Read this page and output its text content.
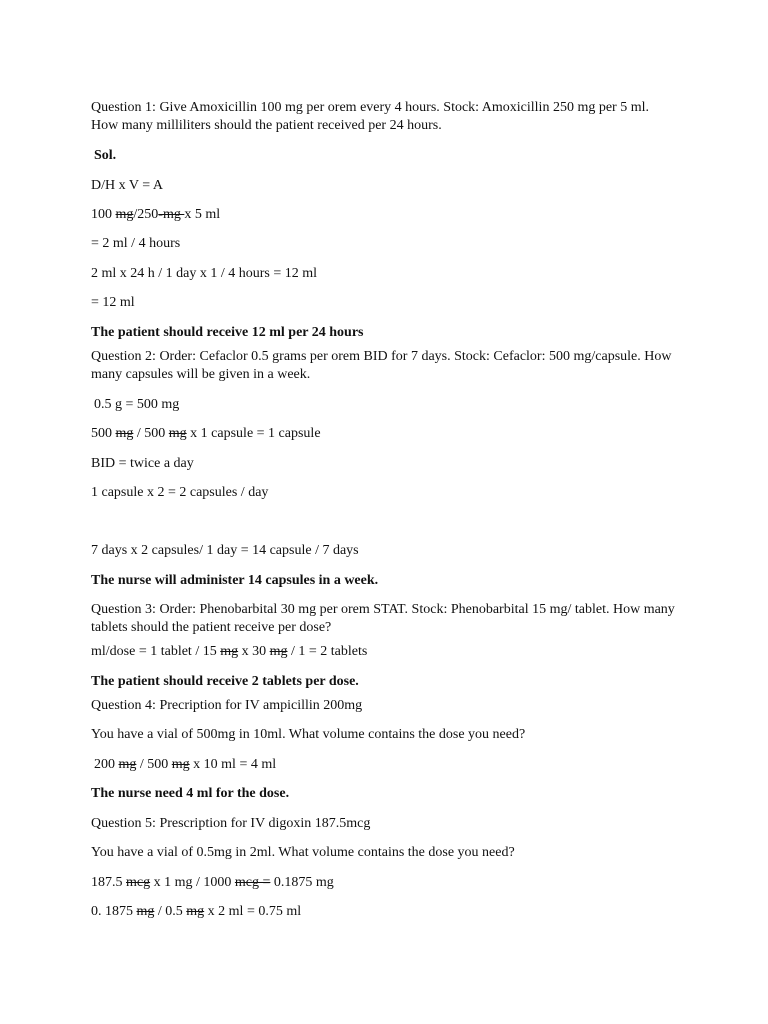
Question 1: Give Amoxicillin 100 mg per orem every 4 hours. Stock: Amoxicillin 250 mg per 5 ml. How many milliliters should the patient received per 24 hours.
Sol.
D/H x V = A
100 mg/250-mg x 5 ml
= 2 ml / 4 hours
2 ml x 24 h / 1 day x 1 / 4 hours = 12 ml
= 12 ml
The patient should receive 12 ml per 24 hours
Question 2: Order: Cefaclor 0.5 grams per orem BID for 7 days. Stock: Cefaclor: 500 mg/capsule. How many capsules will be given in a week.
0.5 g = 500 mg
500 mg / 500 mg x 1 capsule = 1 capsule
BID = twice a day
1 capsule x 2 = 2 capsules / day
7 days x 2 capsules/ 1 day = 14 capsule / 7 days
The nurse will administer 14 capsules in a week.
Question 3: Order: Phenobarbital 30 mg per orem STAT. Stock: Phenobarbital 15 mg/ tablet. How many tablets should the patient receive per dose?
ml/dose = 1 tablet / 15 mg x 30 mg / 1 = 2 tablets
The patient should receive 2 tablets per dose.
Question 4: Precription for IV ampicillin 200mg
You have a vial of 500mg in 10ml. What volume contains the dose you need?
200 mg / 500 mg x 10 ml = 4 ml
The nurse need 4 ml for the dose.
Question 5: Prescription for IV digoxin 187.5mcg
You have a vial of 0.5mg in 2ml. What volume contains the dose you need?
187.5 mcg x 1 mg / 1000 mcg = 0.1875 mg
0. 1875 mg / 0.5 mg x 2 ml = 0.75 ml
